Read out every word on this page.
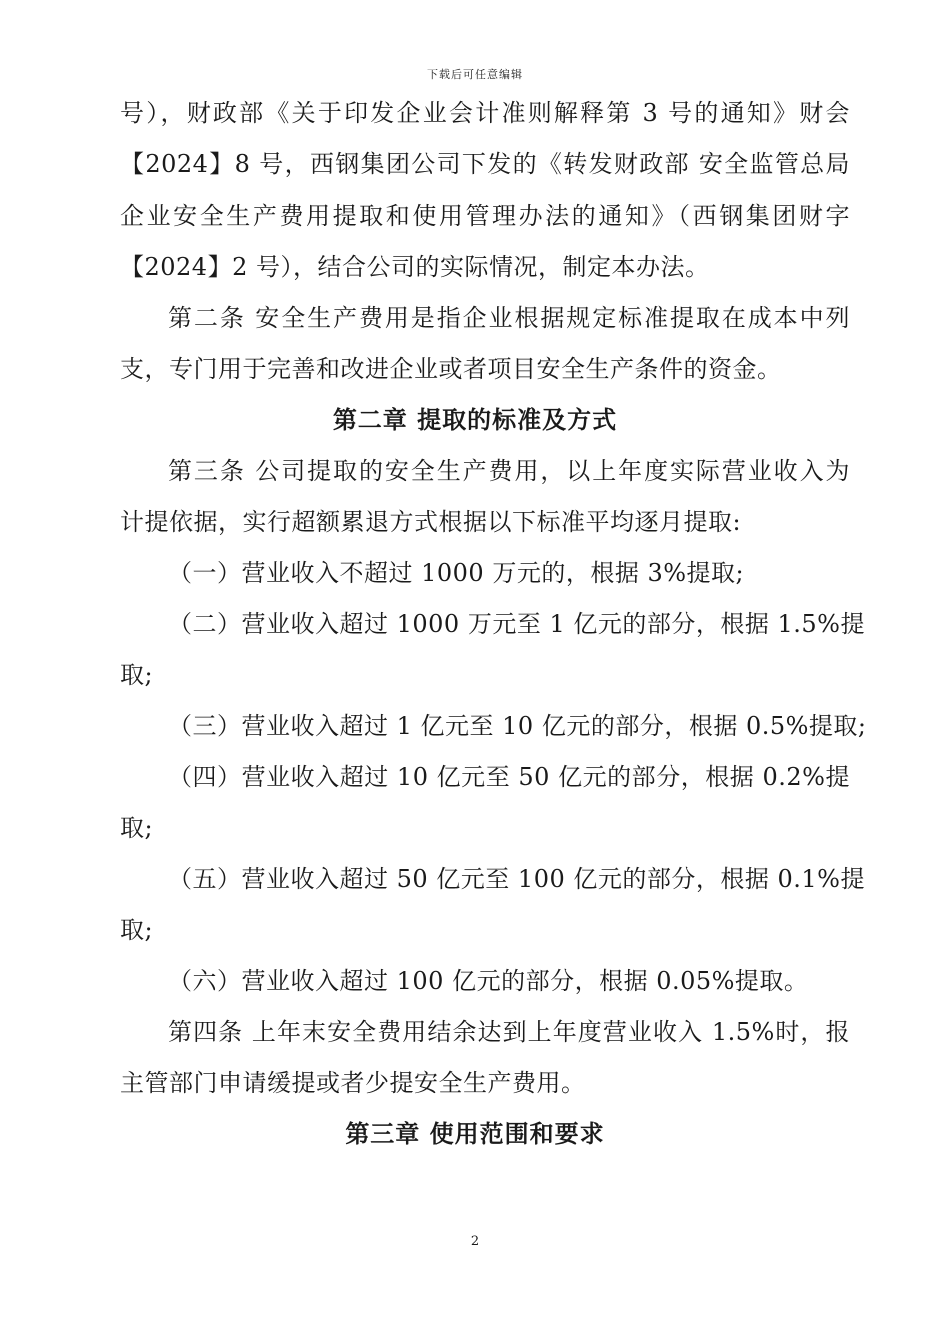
下载后可任意编辑
号），财政部《关于印发企业会计准则解释第 3 号的通知》财会
【2024】8 号，西钢集团公司下发的《转发财政部 安全监管总局
企业安全生产费用提取和使用管理办法的通知》（西钢集团财字
【2024】2 号），结合公司的实际情况，制定本办法。
第二条 安全生产费用是指企业根据规定标准提取在成本中列
支，专门用于完善和改进企业或者项目安全生产条件的资金。
第二章 提取的标准及方式
第三条 公司提取的安全生产费用，以上年度实际营业收入为
计提依据，实行超额累退方式根据以下标准平均逐月提取:
（一）营业收入不超过 1000 万元的，根据 3%提取;
（二）营业收入超过 1000 万元至 1 亿元的部分，根据 1.5%提
取;
（三）营业收入超过 1 亿元至 10 亿元的部分，根据 0.5%提取;
（四）营业收入超过 10 亿元至 50 亿元的部分，根据 0.2%提
取;
（五）营业收入超过 50 亿元至 100 亿元的部分，根据 0.1%提
取;
（六）营业收入超过 100 亿元的部分，根据 0.05%提取。
第四条 上年末安全费用结余达到上年度营业收入 1.5%时，报
主管部门申请缓提或者少提安全生产费用。
第三章 使用范围和要求
2
